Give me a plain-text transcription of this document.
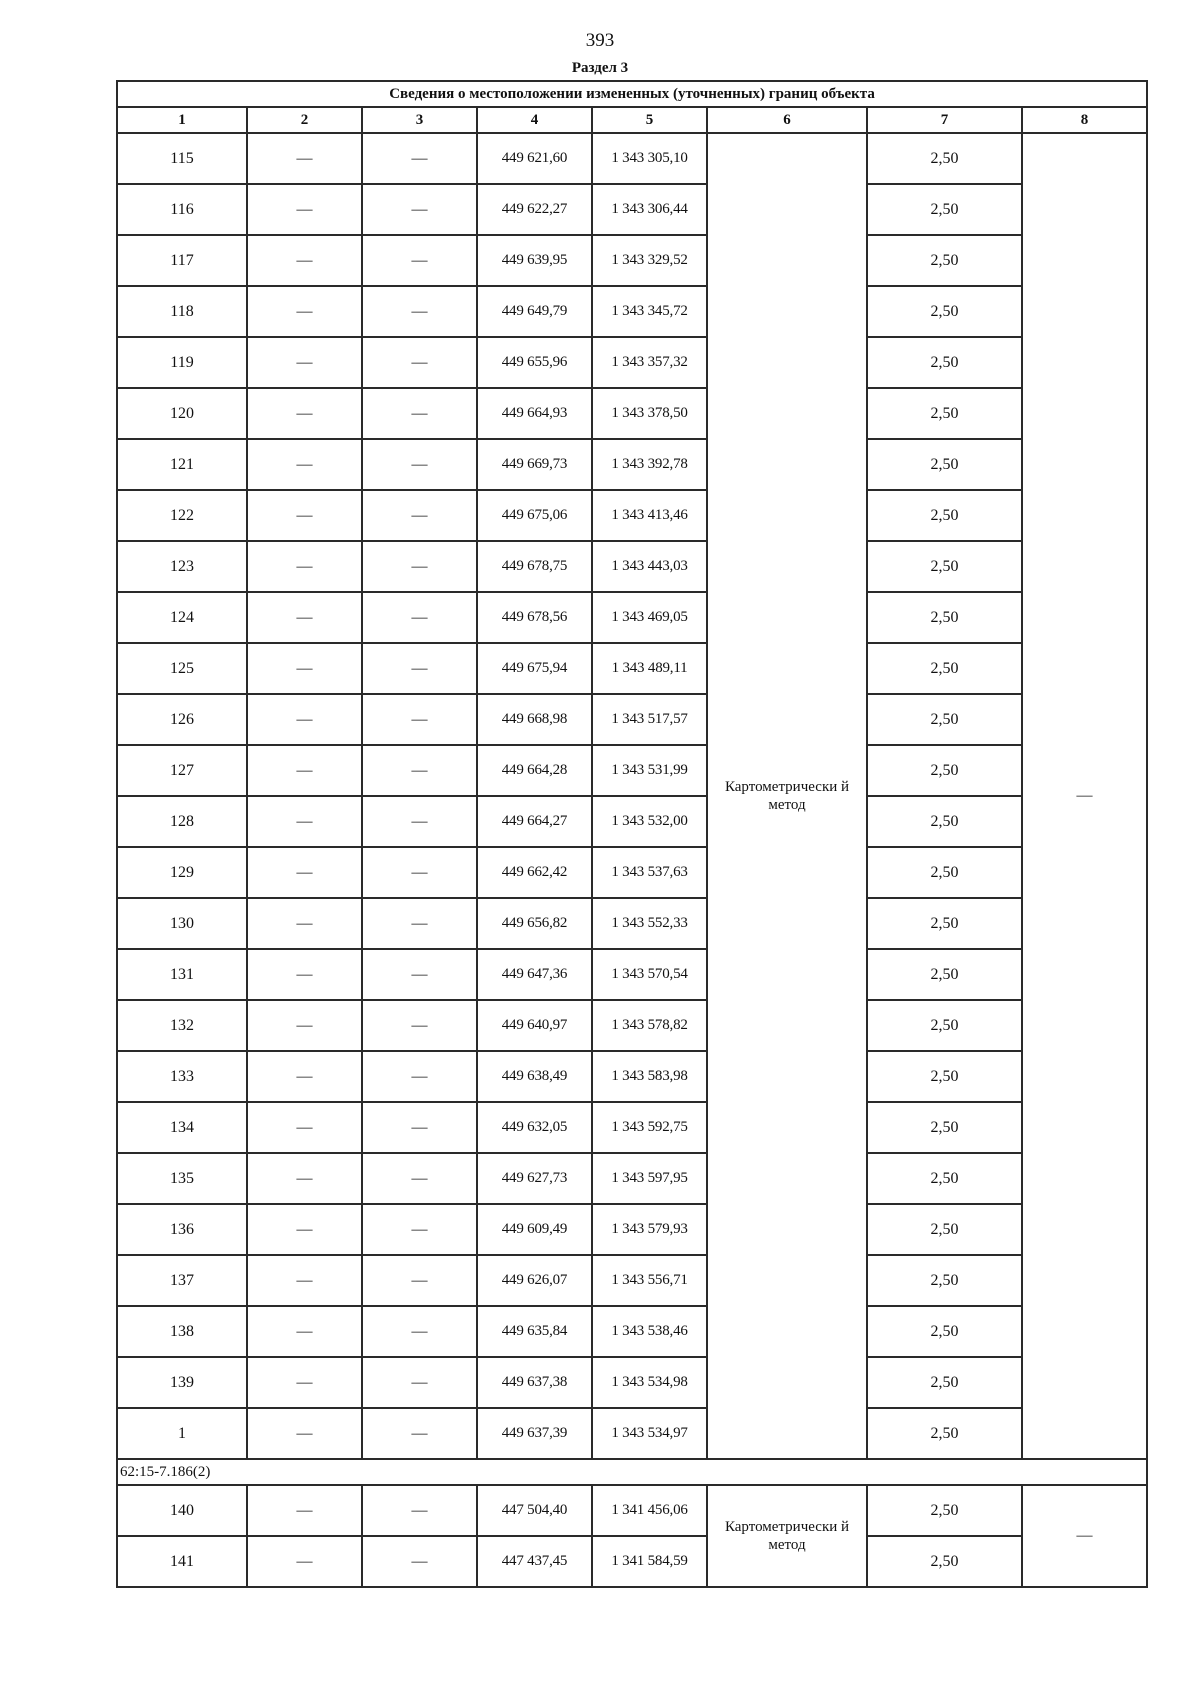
393
Раздел 3
Сведения о местоположении измененных (уточненных) границ объекта							
1	2	3	4	5	6	7	8
115	—	—	449 621,60	1 343 305,10	Картометрически й метод	2,50	—
116	—	—	449 622,27	1 343 306,44		2,50	
117	—	—	449 639,95	1 343 329,52		2,50	
118	—	—	449 649,79	1 343 345,72		2,50	
119	—	—	449 655,96	1 343 357,32		2,50	
120	—	—	449 664,93	1 343 378,50		2,50	
121	—	—	449 669,73	1 343 392,78		2,50	
122	—	—	449 675,06	1 343 413,46		2,50	
123	—	—	449 678,75	1 343 443,03		2,50	
124	—	—	449 678,56	1 343 469,05		2,50	
125	—	—	449 675,94	1 343 489,11		2,50	
126	—	—	449 668,98	1 343 517,57		2,50	
127	—	—	449 664,28	1 343 531,99		2,50	
128	—	—	449 664,27	1 343 532,00		2,50	
129	—	—	449 662,42	1 343 537,63		2,50	
130	—	—	449 656,82	1 343 552,33		2,50	
131	—	—	449 647,36	1 343 570,54		2,50	
132	—	—	449 640,97	1 343 578,82		2,50	
133	—	—	449 638,49	1 343 583,98		2,50	
134	—	—	449 632,05	1 343 592,75		2,50	
135	—	—	449 627,73	1 343 597,95		2,50	
136	—	—	449 609,49	1 343 579,93		2,50	
137	—	—	449 626,07	1 343 556,71		2,50	
138	—	—	449 635,84	1 343 538,46		2,50	
139	—	—	449 637,38	1 343 534,98		2,50	
1	—	—	449 637,39	1 343 534,97		2,50	
62:15-7.186(2)							
140	—	—	447 504,40	1 341 456,06	Картометрически й метод	2,50	—
141	—	—	447 437,45	1 341 584,59		2,50	
